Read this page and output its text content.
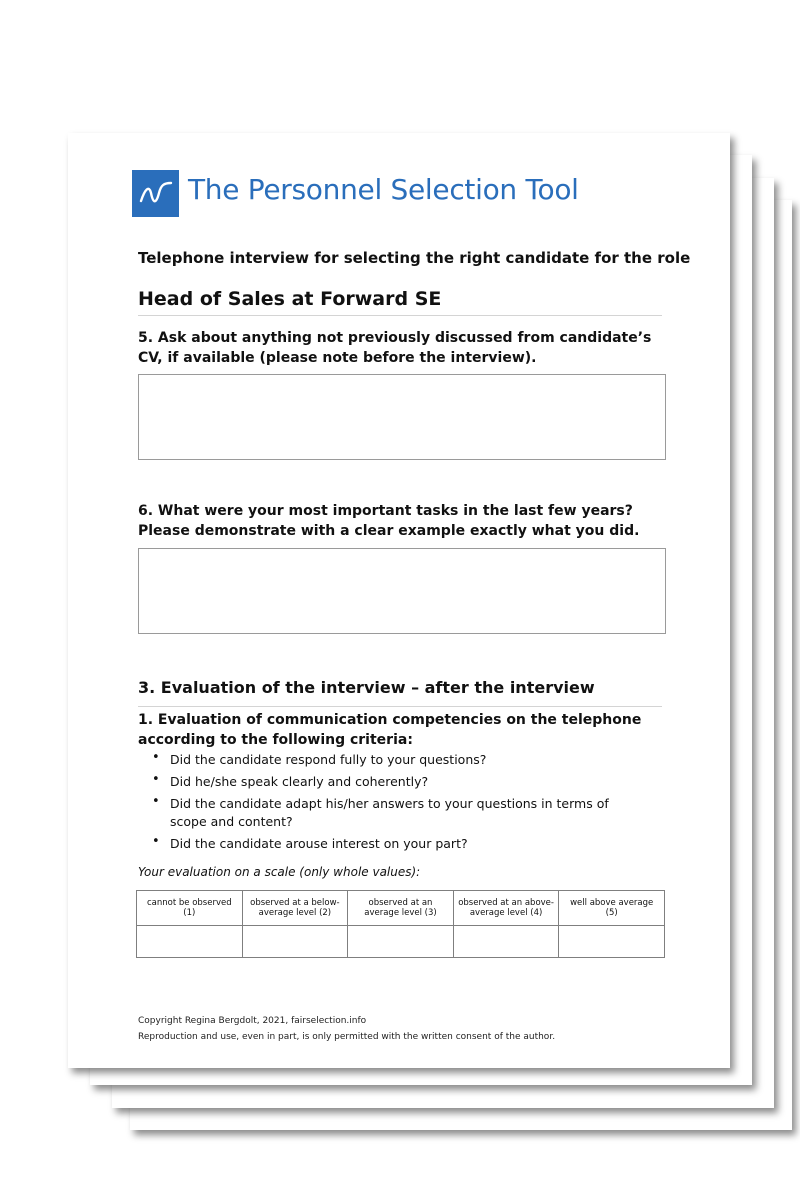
The Personnel Selection Tool
Telephone interview for selecting the right candidate for the role
Head of Sales at Forward SE
5. Ask about anything not previously discussed from candidate’s CV, if available (please note before the interview).
6. What were your most important tasks in the last few years? Please demonstrate with a clear example exactly what you did.
3. Evaluation of the interview – after the interview
1. Evaluation of communication competencies on the telephone according to the following criteria:
• Did the candidate respond fully to your questions?
• Did he/she speak clearly and coherently?
• Did the candidate adapt his/her answers to your questions in terms of scope and content?
• Did the candidate arouse interest on your part?
Your evaluation on a scale (only whole values):
cannot be observed (1)	observed at a below-average level (2)	observed at an average level (3)	observed at an above-average level (4)	well above average (5)

Copyright Regina Bergdolt, 2021, fairselection.info
Reproduction and use, even in part, is only permitted with the written consent of the author.
